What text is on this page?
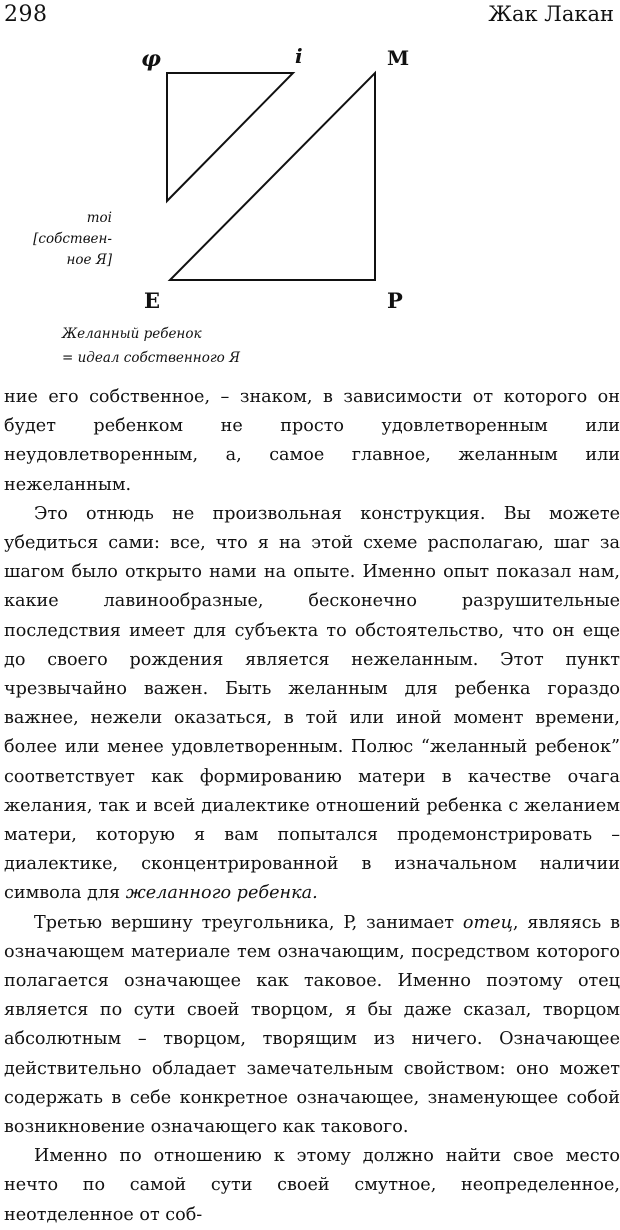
298	Жак Лакан
φ	i	M
E	P
moi
[собствен-
ное Я]
Желанный ребенок
= идеал собственного Я

ние его собственное, – знаком, в зависимости от которого он будет ребенком не просто удовлетворенным или неудовлетворенным, а, самое главное, желанным или нежеланным.

Это отнюдь не произвольная конструкция. Вы можете убедиться сами: все, что я на этой схеме располагаю, шаг за шагом было открыто нами на опыте. Именно опыт показал нам, какие лавинообразные, бесконечно разрушительные последствия имеет для субъекта то обстоятельство, что он еще до своего рождения является нежеланным. Этот пункт чрезвычайно важен. Быть желанным для ребенка гораздо важнее, нежели оказаться, в той или иной момент времени, более или менее удовлетворенным. Полюс “желанный ребенок” соответствует как формированию матери в качестве очага желания, так и всей диалектике отношений ребенка с желанием матери, которую я вам попытался продемонстрировать – диалектике, сконцентрированной в изначальном наличии символа для желанного ребенка.

Третью вершину треугольника, P, занимает отец, являясь в означающем материале тем означающим, посредством которого полагается означающее как таковое. Именно поэтому отец является по сути своей творцом, я бы даже сказал, творцом абсолютным – творцом, творящим из ничего. Означающее действительно обладает замечательным свойством: оно может содержать в себе конкретное означающее, знаменующее собой возникновение означающего как такового.

Именно по отношению к этому должно найти свое место нечто по самой сути своей смутное, неопределенное, неотделенное от соб-
